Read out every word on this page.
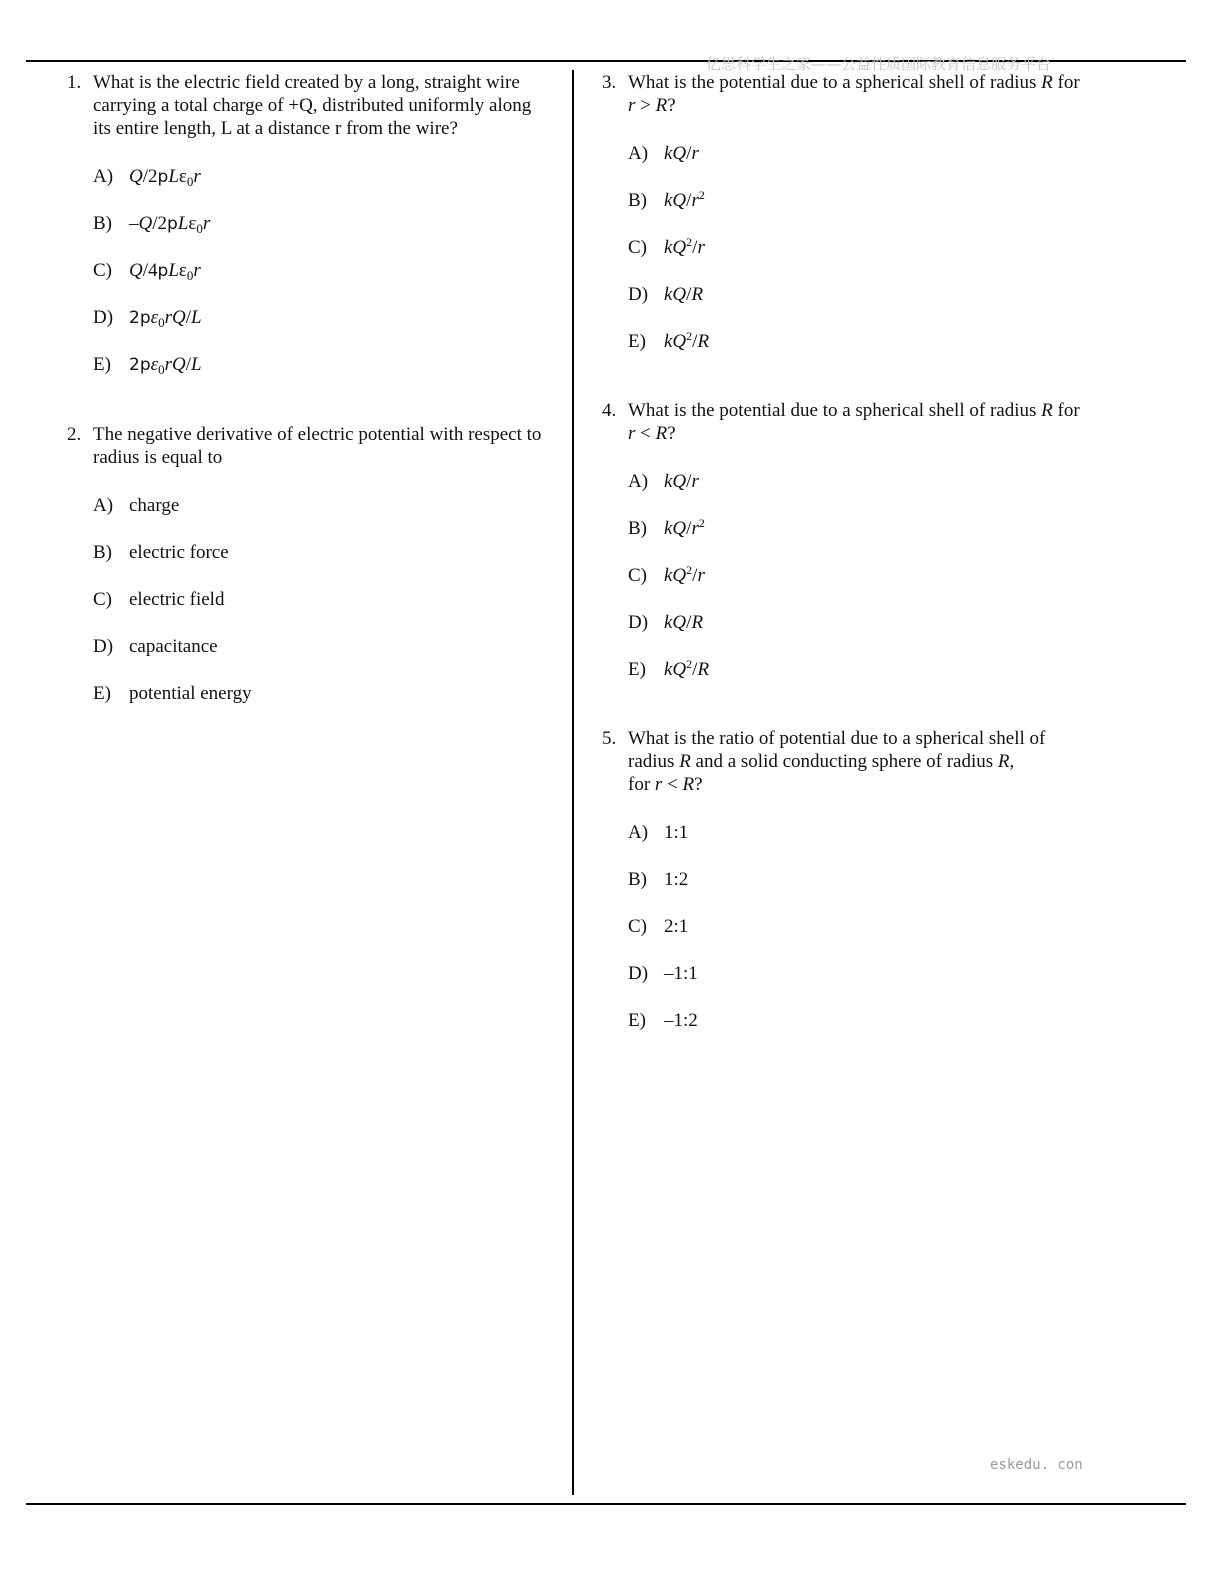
亿思科学生之家——公益性质国际教育信息服务平台
1. What is the electric field created by a long, straight wire
carrying a total charge of +Q, distributed uniformly along
its entire length, L at a distance r from the wire?
A) Q/2pLε$_0$r
B) –Q/2pLε$_0$r
C) Q/4pLε$_0$r
D) $2p\varepsilon_0rQ/L$
E) $2p\varepsilon_0rQ/L$
2. The negative derivative of electric potential with respect to
radius is equal to
A) charge
B) electric force
C) electric field
D) capacitance
E) potential energy
3. What is the potential due to a spherical shell of radius R for
r > R?
A) kQ/r
B) $kQ/r^2$
C) $kQ^2/r$
D) kQ/R
E) $kQ^2/R$
4. What is the potential due to a spherical shell of radius R for
r < R?
A) kQ/r
B) $kQ/r^2$
C) $kQ^2/r$
D) kQ/R
E) $kQ^2/R$
5. What is the ratio of potential due to a spherical shell of
radius R and a solid conducting sphere of radius R,
for r < R?
A) 1:1
B) 1:2
C) 2:1
D) –1:1
E) –1:2
eskedu. con
